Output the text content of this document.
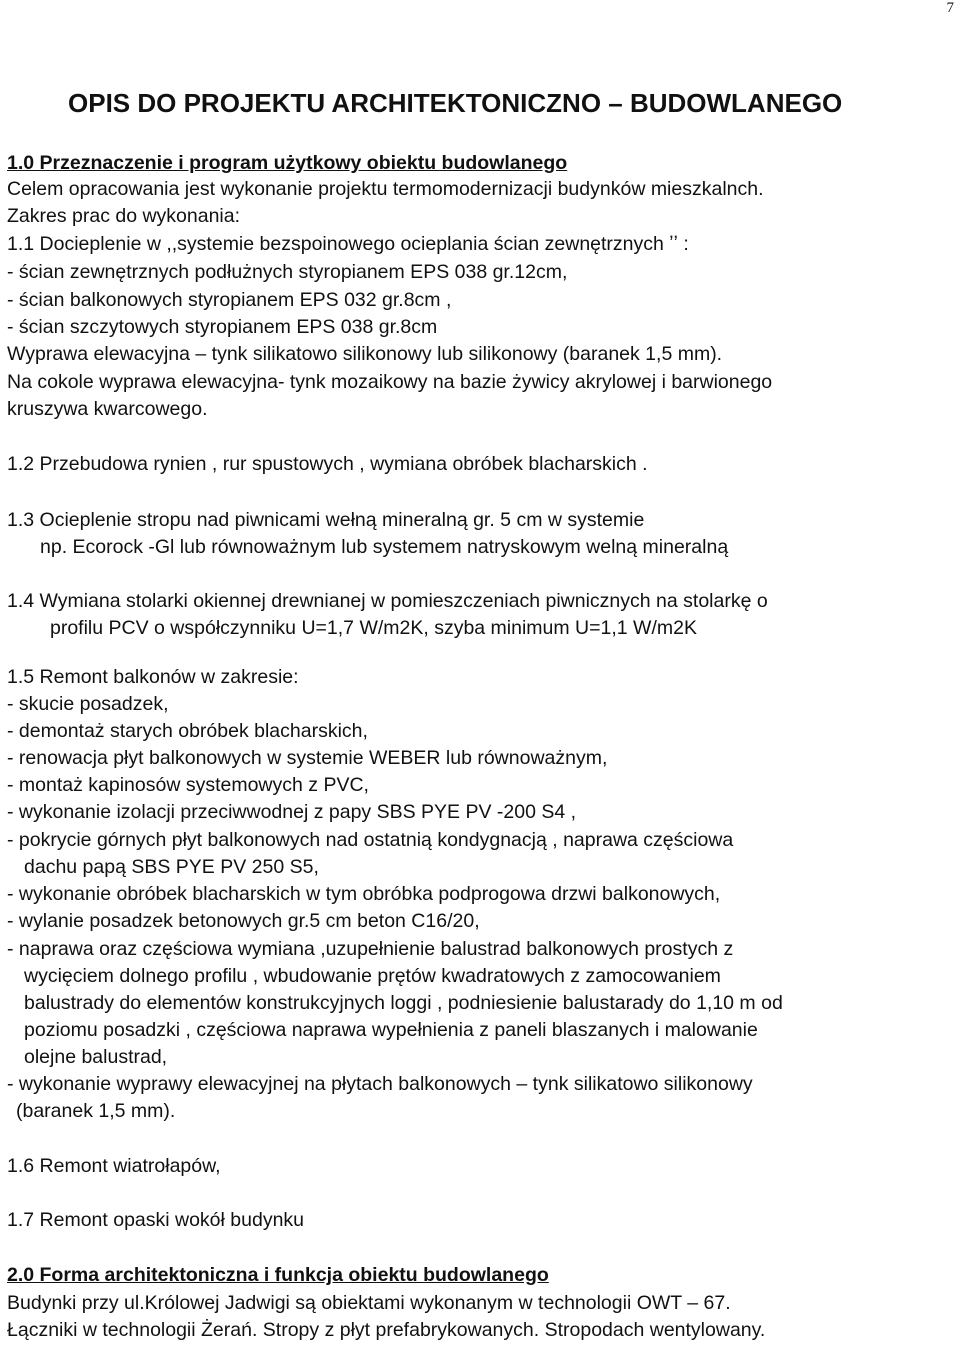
7
OPIS DO PROJEKTU ARCHITEKTONICZNO – BUDOWLANEGO
1.0 Przeznaczenie i program użytkowy obiektu budowlanego
Celem opracowania jest wykonanie projektu termomodernizacji budynków mieszkalnch.
Zakres prac do wykonania:
1.1 Docieplenie w ,,systemie bezspoinowego ocieplania ścian zewnętrznych ʼʼ :
- ścian zewnętrznych podłużnych styropianem EPS 038 gr.12cm,
- ścian balkonowych styropianem EPS 032 gr.8cm ,
- ścian szczytowych styropianem EPS 038 gr.8cm
Wyprawa elewacyjna – tynk silikatowo silikonowy lub silikonowy (baranek 1,5 mm).
Na cokole wyprawa elewacyjna- tynk mozaikowy na bazie żywicy akrylowej i barwionego
kruszywa kwarcowego.
1.2 Przebudowa rynien , rur spustowych , wymiana obróbek blacharskich .
1.3 Ocieplenie stropu nad piwnicami wełną mineralną gr. 5 cm w systemie
np. Ecorock -Gl lub równoważnym lub systemem natryskowym welną mineralną
1.4 Wymiana stolarki okiennej drewnianej w pomieszczeniach piwnicznych na stolarkę o
profilu PCV o współczynniku U=1,7 W/m2K, szyba minimum U=1,1 W/m2K
1.5 Remont balkonów w zakresie:
- skucie posadzek,
- demontaż starych obróbek blacharskich,
- renowacja płyt balkonowych w systemie WEBER lub równoważnym,
- montaż kapinosów systemowych z PVC,
- wykonanie izolacji przeciwwodnej z papy SBS PYE PV -200 S4 ,
- pokrycie górnych płyt balkonowych nad ostatnią kondygnacją , naprawa częściowa
dachu papą SBS PYE PV 250 S5,
- wykonanie obróbek blacharskich w tym obróbka podprogowa drzwi balkonowych,
- wylanie posadzek betonowych gr.5 cm beton C16/20,
- naprawa oraz częściowa wymiana ,uzupełnienie balustrad balkonowych prostych z
wycięciem dolnego profilu , wbudowanie prętów kwadratowych z zamocowaniem
balustrady do elementów konstrukcyjnych loggi , podniesienie balustarady do 1,10 m od
poziomu posadzki , częściowa naprawa wypełnienia z paneli blaszanych i malowanie
olejne balustrad,
- wykonanie wyprawy elewacyjnej na płytach balkonowych – tynk silikatowo silikonowy
(baranek 1,5 mm).
1.6 Remont wiatrołapów,
1.7 Remont opaski wokół budynku
2.0 Forma architektoniczna i funkcja obiektu budowlanego
Budynki przy ul.Królowej Jadwigi są obiektami wykonanym w technologii OWT – 67.
Łączniki w technologii Żerań. Stropy z płyt prefabrykowanych. Stropodach wentylowany.
